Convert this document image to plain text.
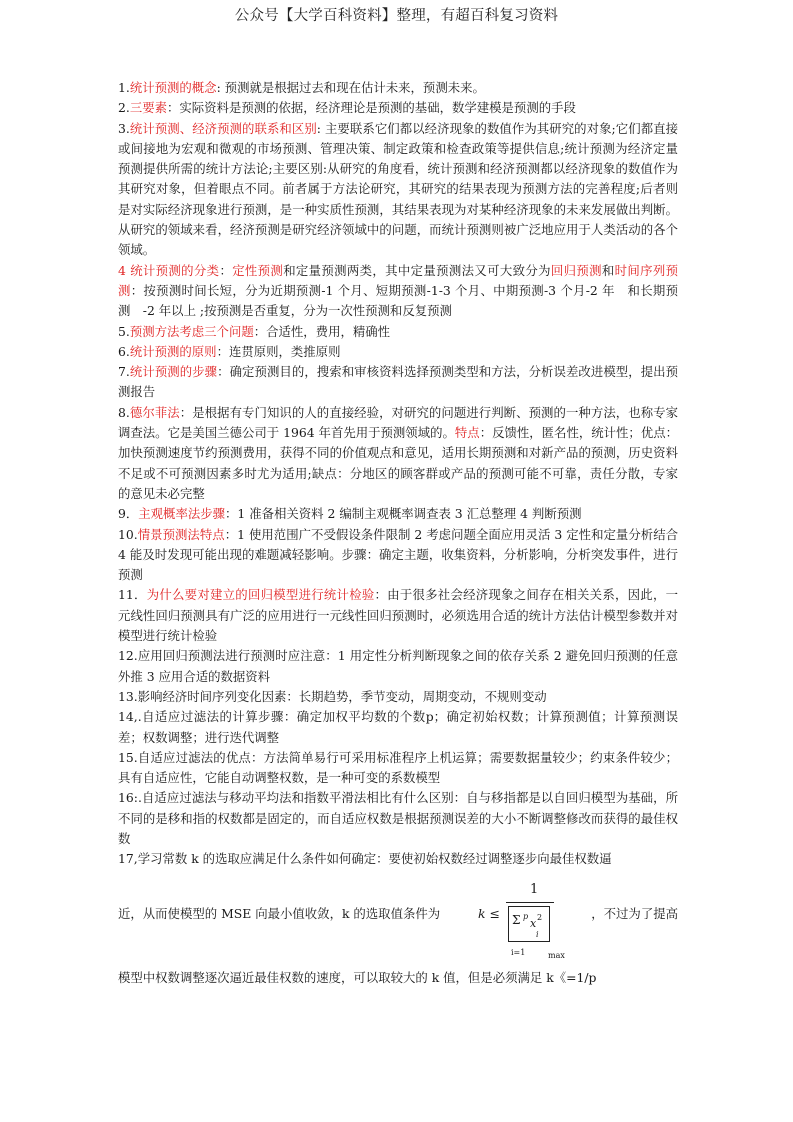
公众号【大学百科资料】整理，有超百科复习资料

1.统计预测的概念: 预测就是根据过去和现在估计未来，预测未来。

2.三要素：实际资料是预测的依据，经济理论是预测的基础，数学建模是预测的手段

3.统计预测、经济预测的联系和区别: 主要联系它们都以经济现象的数值作为其研究的对象;它们都直接或间接地为宏观和微观的市场预测、管理决策、制定政策和检查政策等提供信息;统计预测为经济定量预测提供所需的统计方法论;主要区别:从研究的角度看，统计预测和经济预测都以经济现象的数值作为其研究对象，但着眼点不同。前者属于方法论研究，其研究的结果表现为预测方法的完善程度;后者则是对实际经济现象进行预测，是一种实质性预测，其结果表现为对某种经济现象的未来发展做出判断。从研究的领域来看，经济预测是研究经济领域中的问题，而统计预测则被广泛地应用于人类活动的各个领域。

4 统计预测的分类：定性预测和定量预测两类，其中定量预测法又可大致分为回归预测和时间序列预测：按预测时间长短，分为近期预测-1 个月、短期预测-1-3 个月、中期预测-3 个月-2 年　和长期预测　-2 年以上 ;按预测是否重复，分为一次性预测和反复预测

5.预测方法考虑三个问题：合适性，费用，精确性

6.统计预测的原则：连贯原则，类推原则

7.统计预测的步骤：确定预测目的，搜索和审核资料选择预测类型和方法，分析误差改进模型，提出预测报告

8.德尔菲法：是根据有专门知识的人的直接经验，对研究的问题进行判断、预测的一种方法，也称专家调查法。它是美国兰德公司于 1964 年首先用于预测领域的。特点：反馈性，匿名性，统计性；优点：加快预测速度节约预测费用，获得不同的价值观点和意见，适用长期预测和对新产品的预测，历史资料不足或不可预测因素多时尤为适用;缺点：分地区的顾客群或产品的预测可能不可靠，责任分散，专家的意见未必完整

9．主观概率法步骤：1 准备相关资料 2 编制主观概率调查表 3 汇总整理 4 判断预测

10.情景预测法特点：1 使用范围广不受假设条件限制 2 考虑问题全面应用灵活 3 定性和定量分析结合 4 能及时发现可能出现的难题减轻影响。步骤：确定主题，收集资料，分析影响，分析突发事件，进行预测

11．为什么要对建立的回归模型进行统计检验：由于很多社会经济现象之间存在相关关系，因此，一元线性回归预测具有广泛的应用进行一元线性回归预测时，必须选用合适的统计方法估计模型参数并对模型进行统计检验

12.应用回归预测法进行预测时应注意：1 用定性分析判断现象之间的依存关系 2 避免回归预测的任意外推 3 应用合适的数据资料

13.影响经济时间序列变化因素：长期趋势，季节变动，周期变动，不规则变动

14,.自适应过滤法的计算步骤：确定加权平均数的个数p；确定初始权数；计算预测值；计算预测误差；权数调整；进行迭代调整

15.自适应过滤法的优点：方法简单易行可采用标准程序上机运算；需要数据量较少；约束条件较少；具有自适应性，它能自动调整权数，是一种可变的系数模型

16:.自适应过滤法与移动平均法和指数平滑法相比有什么区别：自与移指都是以自回归模型为基础，所不同的是移和指的权数都是固定的，而自适应权数是根据预测误差的大小不断调整修改而获得的最佳权数

17,学习常数 k 的选取应满足什么条件如何确定：要使初始权数经过调整逐步向最佳权数逼

近，从而使模型的 MSE 向最小值收敛，k 的选取值条件为	k ≤
1
Σ p
x 2
i
i=1	max
，不过为了提高

模型中权数调整逐次逼近最佳权数的速度，可以取较大的 k 值，但是必须满足 k《=1/p
